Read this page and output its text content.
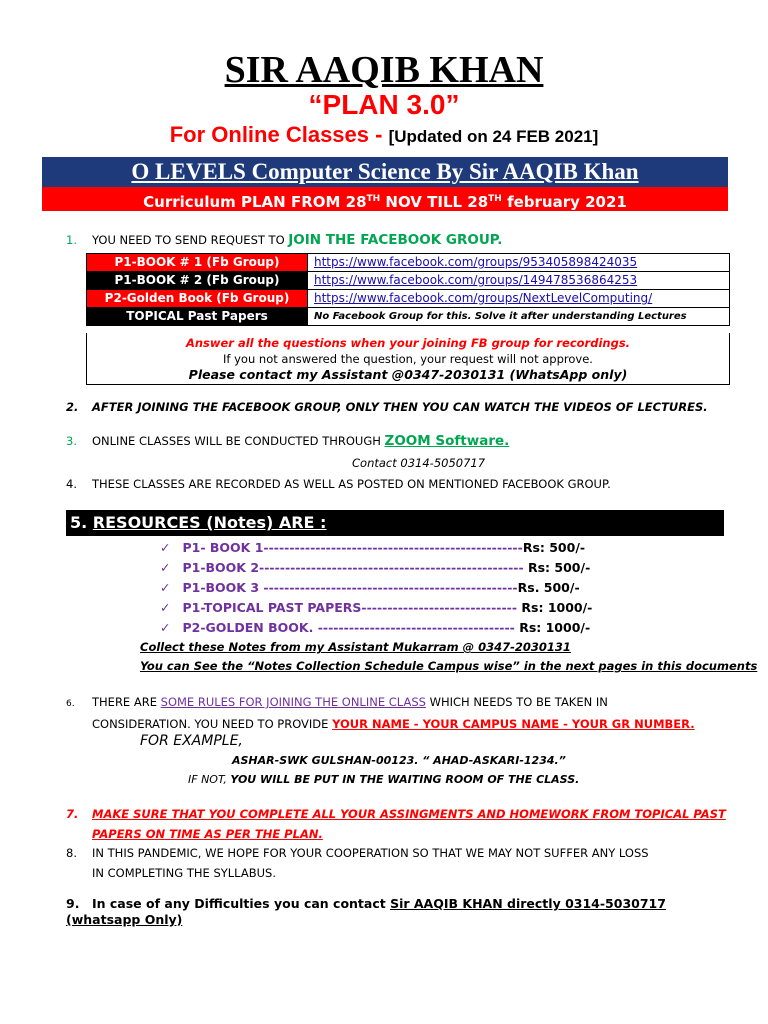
SIR AAQIB KHAN
“PLAN 3.0”
For Online Classes - [Updated on 24 FEB 2021]
O LEVELS Computer Science By Sir AAQIB Khan
Curriculum PLAN FROM 28TH NOV TILL 28TH february 2021
1. YOU NEED TO SEND REQUEST TO JOIN THE FACEBOOK GROUP.
P1-BOOK # 1 (Fb Group)	https://www.facebook.com/groups/953405898424035
P1-BOOK # 2 (Fb Group)	https://www.facebook.com/groups/149478536864253
P2-Golden Book (Fb Group)	https://www.facebook.com/groups/NextLevelComputing/
TOPICAL Past Papers	No Facebook Group for this. Solve it after understanding Lectures
Answer all the questions when your joining FB group for recordings.
If you not answered the question, your request will not approve.
Please contact my Assistant @0347-2030131 (WhatsApp only)
2. AFTER JOINING THE FACEBOOK GROUP, ONLY THEN YOU CAN WATCH THE VIDEOS OF LECTURES.
3. ONLINE CLASSES WILL BE CONDUCTED THROUGH ZOOM Software.
Contact 0314-5050717
4. THESE CLASSES ARE RECORDED AS WELL AS POSTED ON MENTIONED FACEBOOK GROUP.
5. RESOURCES (Notes) ARE :
✓ P1- BOOK 1--------------------------------------------------Rs: 500/-
✓ P1-BOOK 2--------------------------------------------------- Rs: 500/-
✓ P1-BOOK 3 -------------------------------------------------Rs. 500/-
✓ P1-TOPICAL PAST PAPERS------------------------------ Rs: 1000/-
✓ P2-GOLDEN BOOK. -------------------------------------- Rs: 1000/-
Collect these Notes from my Assistant Mukarram @ 0347-2030131
You can See the “Notes Collection Schedule Campus wise” in the next pages in this documents
6. THERE ARE SOME RULES FOR JOINING THE ONLINE CLASS WHICH NEEDS TO BE TAKEN IN
CONSIDERATION. YOU NEED TO PROVIDE YOUR NAME - YOUR CAMPUS NAME - YOUR GR NUMBER.
FOR EXAMPLE,
ASHAR-SWK GULSHAN-00123. “ AHAD-ASKARI-1234.”
IF NOT, YOU WILL BE PUT IN THE WAITING ROOM OF THE CLASS.
7. MAKE SURE THAT YOU COMPLETE ALL YOUR ASSINGMENTS AND HOMEWORK FROM TOPICAL PAST
PAPERS ON TIME AS PER THE PLAN.
8. IN THIS PANDEMIC, WE HOPE FOR YOUR COOPERATION SO THAT WE MAY NOT SUFFER ANY LOSS
IN COMPLETING THE SYLLABUS.
9. In case of any Difficulties you can contact Sir AAQIB KHAN directly 0314-5030717 (whatsapp Only)
